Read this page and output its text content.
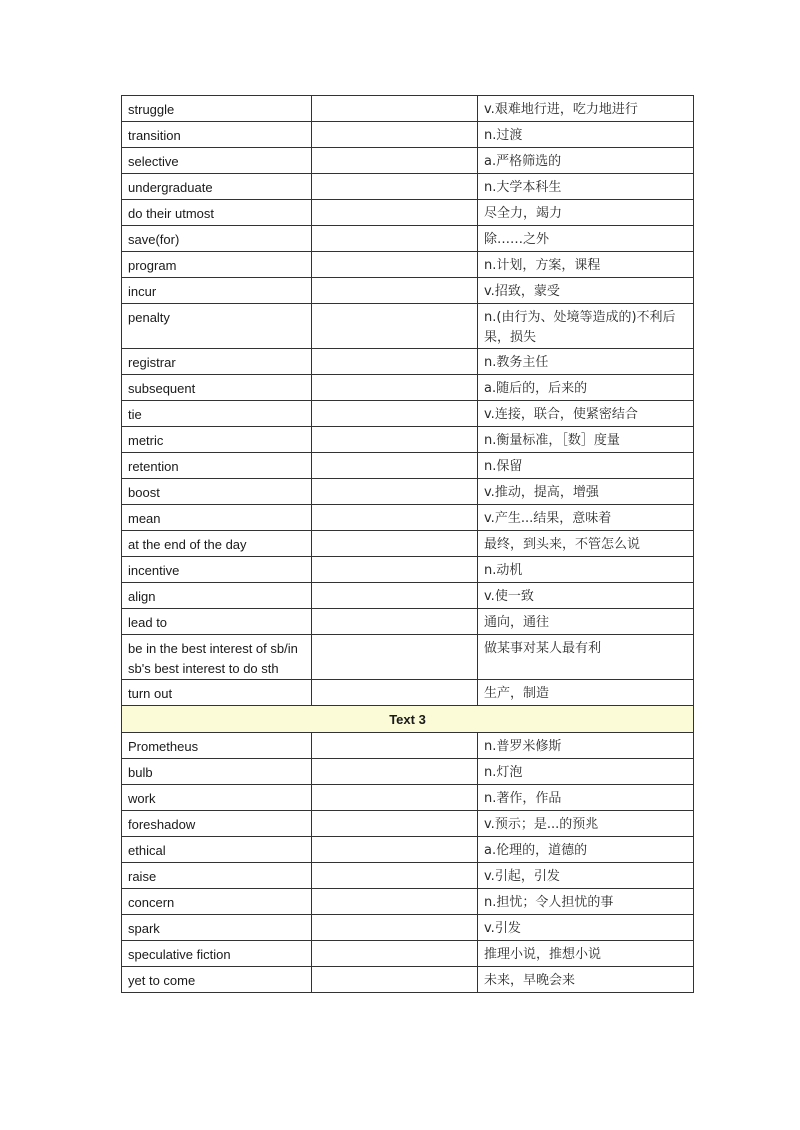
struggle		v.艰难地行进，吃力地进行
transition		n.过渡
selective		a.严格筛选的
undergraduate		n.大学本科生
do their utmost		尽全力，竭力
save(for)		除……之外
program		n.计划，方案，课程
incur		v.招致，蒙受
penalty		n.(由行为、处境等造成的)不利后果，损失
registrar		n.教务主任
subsequent		a.随后的，后来的
tie		v.连接，联合，使紧密结合
metric		n.衡量标准，［数］度量
retention		n.保留
boost		v.推动，提高，增强
mean		v.产生...结果，意味着
at the end of the day		最终，到头来，不管怎么说
incentive		n.动机
align		v.使一致
lead to		通向，通往
be in the best interest of sb/in sb's best interest to do sth		做某事对某人最有利
turn out		生产，制造
Text 3		
Prometheus		n.普罗米修斯
bulb		n.灯泡
work		n.著作，作品
foreshadow		v.预示；是...的预兆
ethical		a.伦理的，道德的
raise		v.引起，引发
concern		n.担忧；令人担忧的事
spark		v.引发
speculative fiction		推理小说，推想小说
yet to come		未来，早晚会来
